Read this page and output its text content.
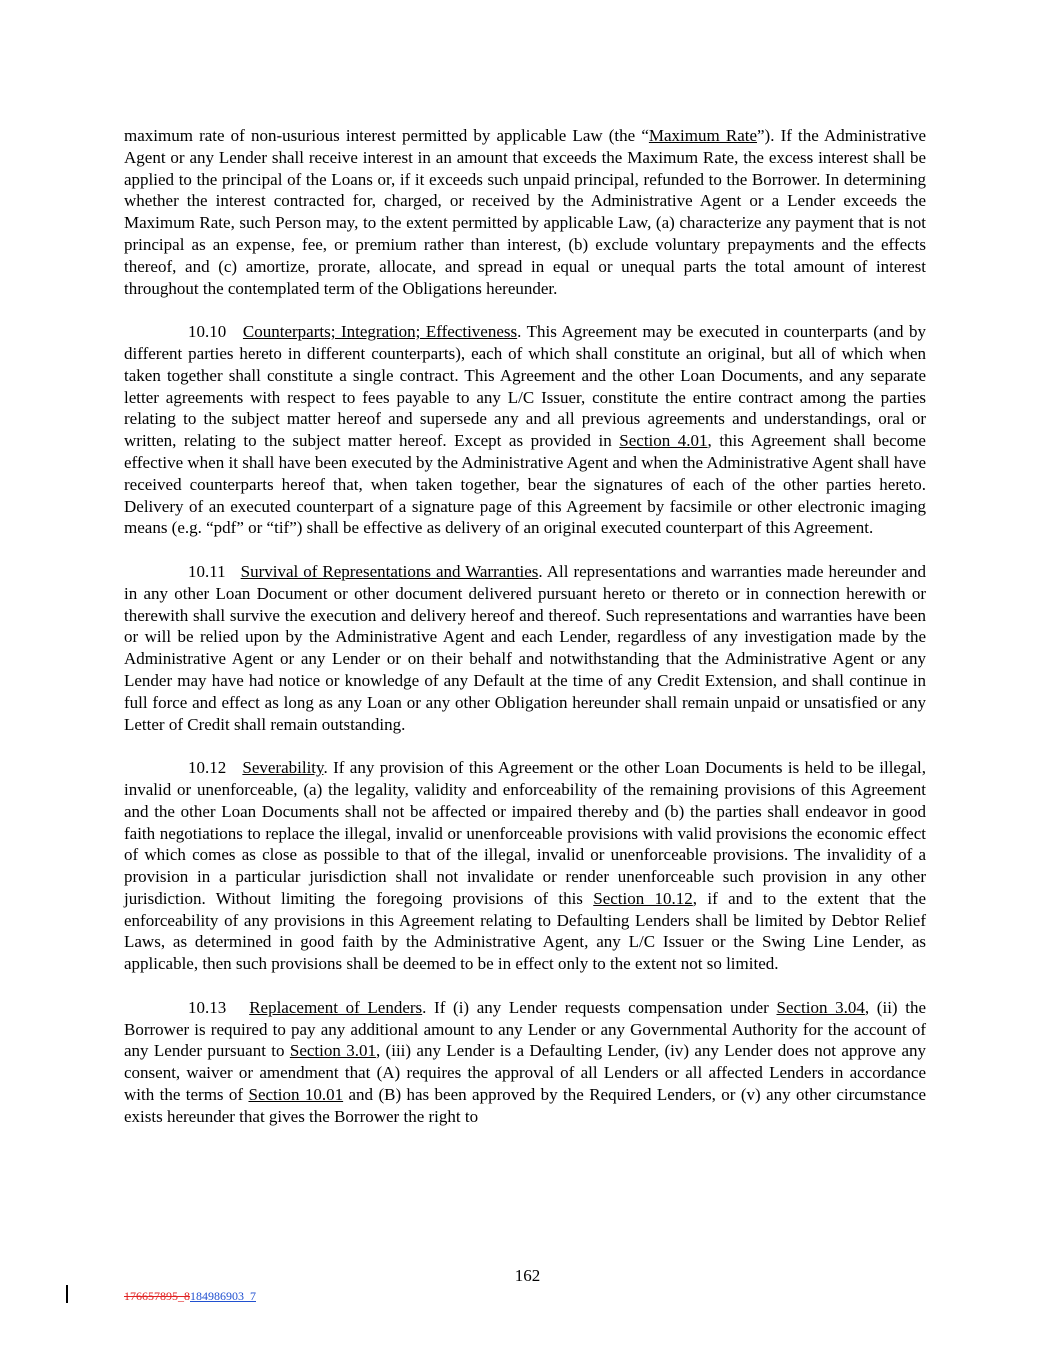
maximum rate of non-usurious interest permitted by applicable Law (the “Maximum Rate”). If the Administrative Agent or any Lender shall receive interest in an amount that exceeds the Maximum Rate, the excess interest shall be applied to the principal of the Loans or, if it exceeds such unpaid principal, refunded to the Borrower. In determining whether the interest contracted for, charged, or received by the Administrative Agent or a Lender exceeds the Maximum Rate, such Person may, to the extent permitted by applicable Law, (a) characterize any payment that is not principal as an expense, fee, or premium rather than interest, (b) exclude voluntary prepayments and the effects thereof, and (c) amortize, prorate, allocate, and spread in equal or unequal parts the total amount of interest throughout the contemplated term of the Obligations hereunder.

10.10 Counterparts; Integration; Effectiveness. This Agreement may be executed in counterparts (and by different parties hereto in different counterparts), each of which shall constitute an original, but all of which when taken together shall constitute a single contract. This Agreement and the other Loan Documents, and any separate letter agreements with respect to fees payable to any L/C Issuer, constitute the entire contract among the parties relating to the subject matter hereof and supersede any and all previous agreements and understandings, oral or written, relating to the subject matter hereof. Except as provided in Section 4.01, this Agreement shall become effective when it shall have been executed by the Administrative Agent and when the Administrative Agent shall have received counterparts hereof that, when taken together, bear the signatures of each of the other parties hereto. Delivery of an executed counterpart of a signature page of this Agreement by facsimile or other electronic imaging means (e.g. “pdf” or “tif”) shall be effective as delivery of an original executed counterpart of this Agreement.

10.11 Survival of Representations and Warranties. All representations and warranties made hereunder and in any other Loan Document or other document delivered pursuant hereto or thereto or in connection herewith or therewith shall survive the execution and delivery hereof and thereof. Such representations and warranties have been or will be relied upon by the Administrative Agent and each Lender, regardless of any investigation made by the Administrative Agent or any Lender or on their behalf and notwithstanding that the Administrative Agent or any Lender may have had notice or knowledge of any Default at the time of any Credit Extension, and shall continue in full force and effect as long as any Loan or any other Obligation hereunder shall remain unpaid or unsatisfied or any Letter of Credit shall remain outstanding.

10.12 Severability. If any provision of this Agreement or the other Loan Documents is held to be illegal, invalid or unenforceable, (a) the legality, validity and enforceability of the remaining provisions of this Agreement and the other Loan Documents shall not be affected or impaired thereby and (b) the parties shall endeavor in good faith negotiations to replace the illegal, invalid or unenforceable provisions with valid provisions the economic effect of which comes as close as possible to that of the illegal, invalid or unenforceable provisions. The invalidity of a provision in a particular jurisdiction shall not invalidate or render unenforceable such provision in any other jurisdiction. Without limiting the foregoing provisions of this Section 10.12, if and to the extent that the enforceability of any provisions in this Agreement relating to Defaulting Lenders shall be limited by Debtor Relief Laws, as determined in good faith by the Administrative Agent, any L/C Issuer or the Swing Line Lender, as applicable, then such provisions shall be deemed to be in effect only to the extent not so limited.

10.13 Replacement of Lenders. If (i) any Lender requests compensation under Section 3.04, (ii) the Borrower is required to pay any additional amount to any Lender or any Governmental Authority for the account of any Lender pursuant to Section 3.01, (iii) any Lender is a Defaulting Lender, (iv) any Lender does not approve any consent, waiver or amendment that (A) requires the approval of all Lenders or all affected Lenders in accordance with the terms of Section 10.01 and (B) has been approved by the Required Lenders, or (v) any other circumstance exists hereunder that gives the Borrower the right to

162
176657895_8184986903_7
